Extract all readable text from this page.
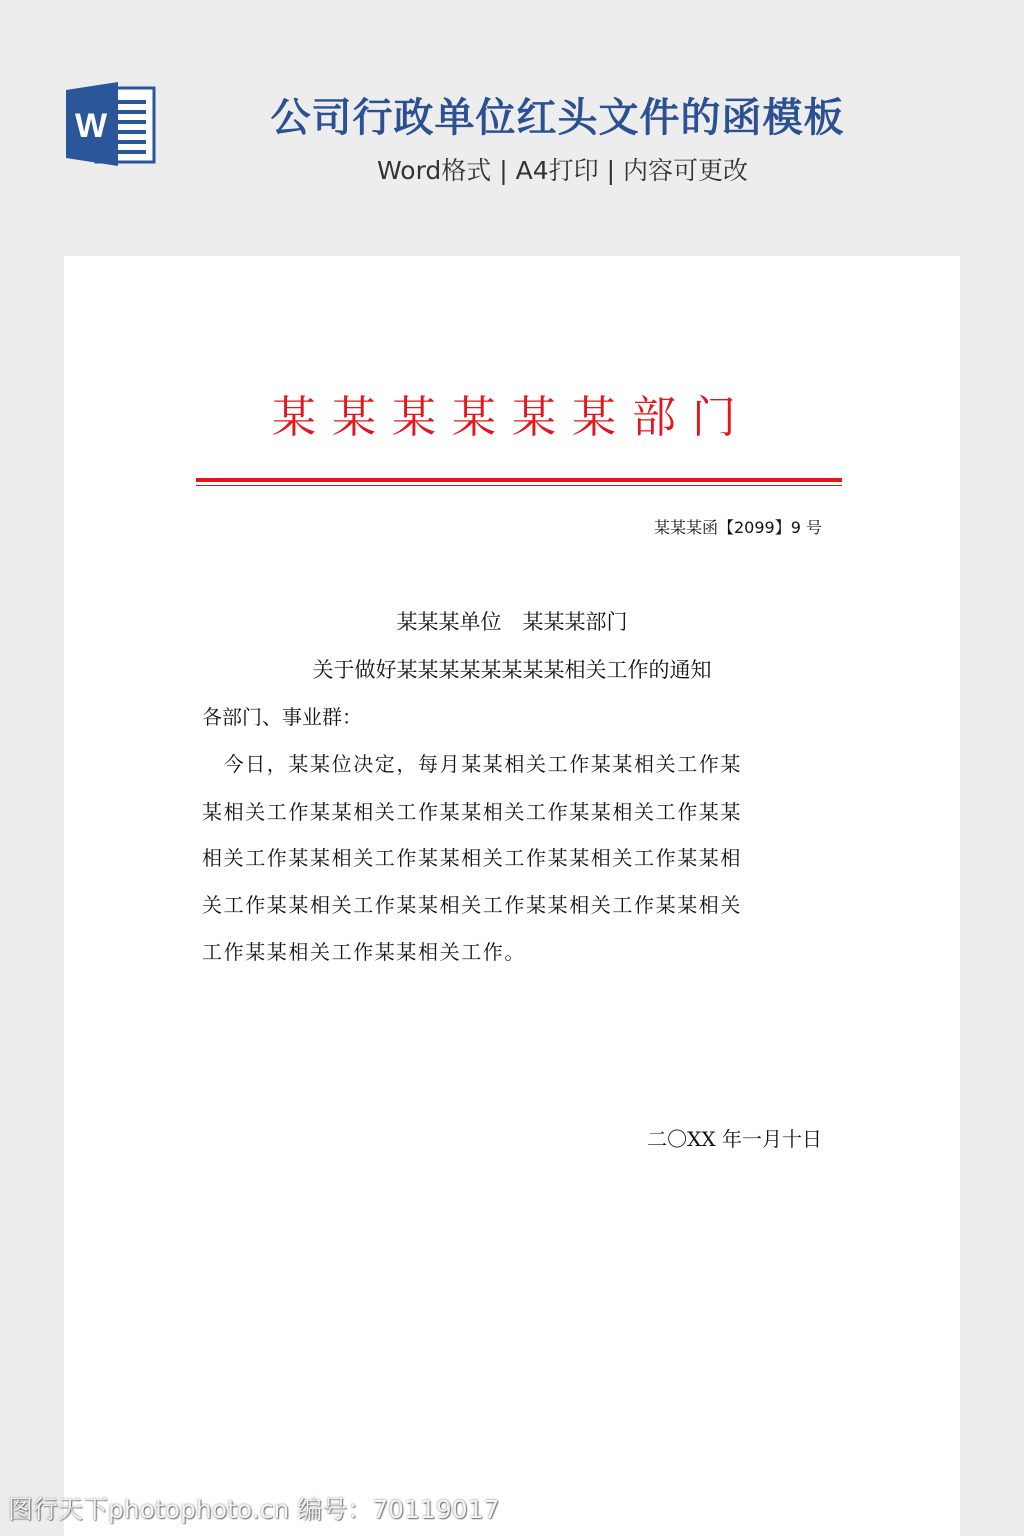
W	公司行政单位红头文件的函模板
Word格式 | A4打印 | 内容可更改
某某某某某某部门
某某某函【2099】9 号
某某某单位　某某某部门
关于做好某某某某某某某某相关工作的通知
各部门、事业群：
　今日，某某位决定，每月某某相关工作某某相关工作某
某相关工作某某相关工作某某相关工作某某相关工作某某
相关工作某某相关工作某某相关工作某某相关工作某某相
关工作某某相关工作某某相关工作某某相关工作某某相关
工作某某相关工作某某相关工作。
二〇XX 年一月十日
图行天下photophoto.cn 编号：70119017
